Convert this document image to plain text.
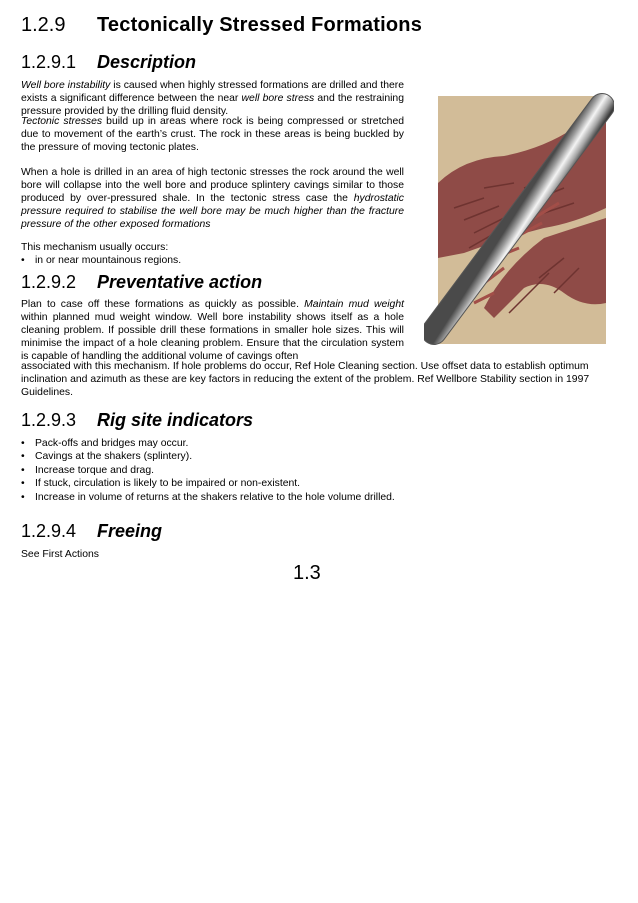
1.2.9 Tectonically Stressed Formations
1.2.9.1 Description

Well bore instability is caused when highly stressed formations are drilled and there exists a significant difference between the near well bore stress and the restraining pressure provided by the drilling fluid density.

Tectonic stresses build up in areas where rock is being compressed or stretched due to movement of the earth’s crust. The rock in these areas is being buckled by the pressure of moving tectonic plates.

When a hole is drilled in an area of high tectonic stresses the rock around the well bore will collapse into the well bore and produce splintery cavings similar to those produced by over-pressured shale. In the tectonic stress case the hydrostatic pressure required to stabilise the well bore may be much higher than the fracture pressure of the other exposed formations

This mechanism usually occurs:

• in or near mountainous regions.
1.2.9.2 Preventative action

Plan to case off these formations as quickly as possible. Maintain mud weight within planned mud weight window. Well bore instability shows itself as a hole cleaning problem. If possible drill these formations in smaller hole sizes. This will minimise the impact of a hole cleaning problem. Ensure that the circulation system is capable of handling the additional volume of cavings often

associated with this mechanism. If hole problems do occur, Ref Hole Cleaning section. Use offset data to establish optimum inclination and azimuth as these are key factors in reducing the extent of the problem. Ref Wellbore Stability section in 1997 Guidelines.

1.2.9.3 Rig site indicators
• Pack-offs and bridges may occur.
• Cavings at the shakers (splintery).
• Increase torque and drag.
• If stuck, circulation is likely to be impaired or non-existent.
• Increase in volume of returns at the shakers relative to the hole volume drilled.
1.2.9.4 Freeing

See First Actions

1.3
